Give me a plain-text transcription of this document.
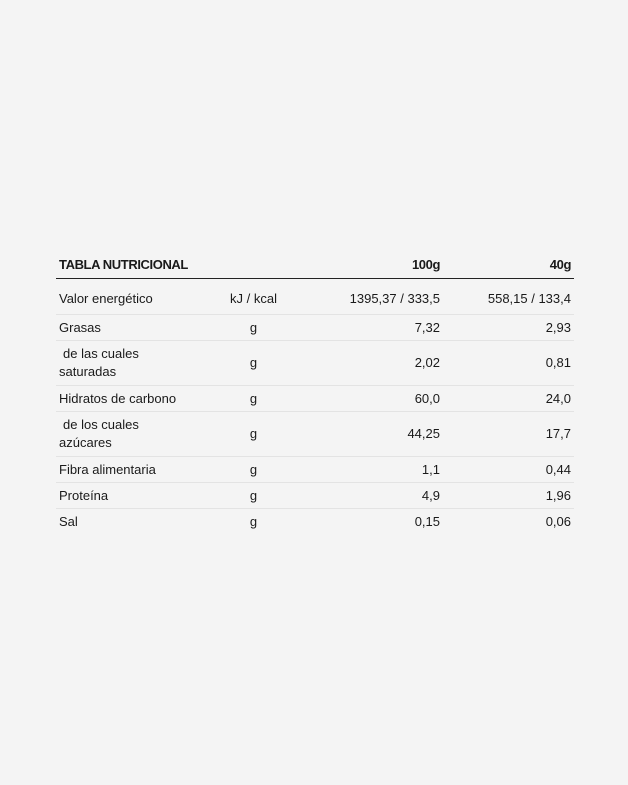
TABLA NUTRICIONAL		100g	40g
Valor energético	kJ / kcal	1395,37 / 333,5	558,15 / 133,4
Grasas	g	7,32	2,93

de las cuales
saturadas	g	2,02	0,81
Hidratos de carbono	g	60,0	24,0

de los cuales
azúcares	g	44,25	17,7
Fibra alimentaria	g	1,1	0,44
Proteína	g	4,9	1,96
Sal	g	0,15	0,06
